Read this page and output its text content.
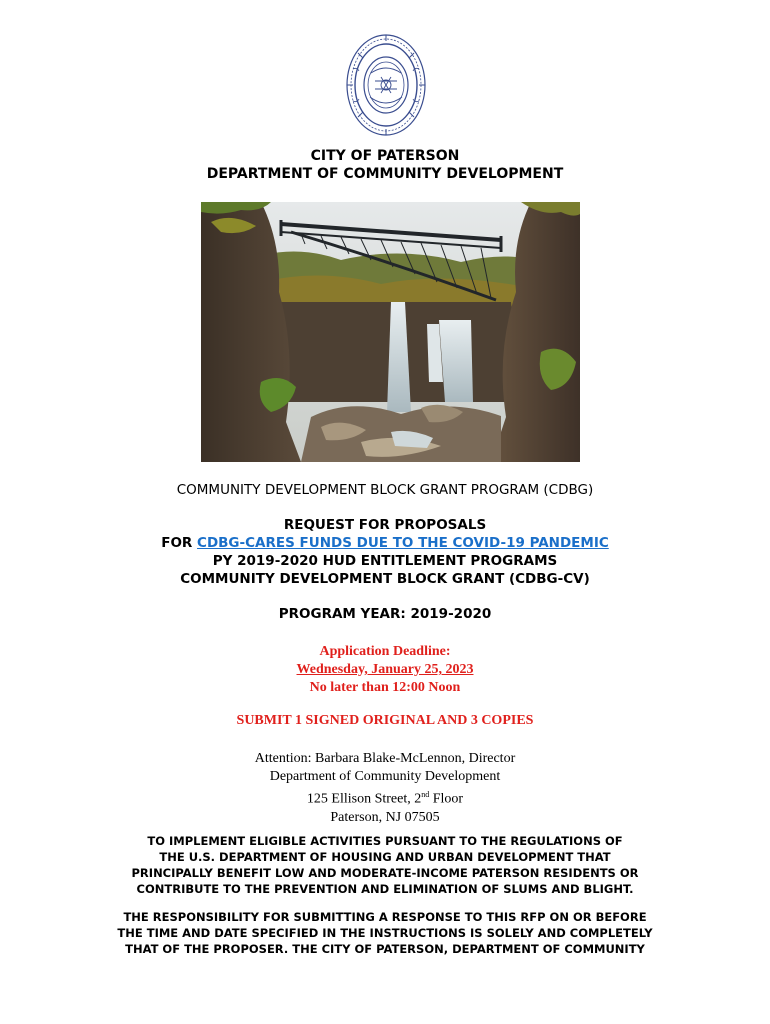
CITY OF PATERSON
DEPARTMENT OF COMMUNITY DEVELOPMENT
COMMUNITY DEVELOPMENT BLOCK GRANT PROGRAM (CDBG)
REQUEST FOR PROPOSALS
FOR CDBG-CARES FUNDS DUE TO THE COVID-19 PANDEMIC
PY 2019-2020 HUD ENTITLEMENT PROGRAMS
COMMUNITY DEVELOPMENT BLOCK GRANT (CDBG-CV)
PROGRAM YEAR: 2019-2020
Application Deadline:
Wednesday, January 25, 2023
No later than 12:00 Noon
SUBMIT 1 SIGNED ORIGINAL AND 3 COPIES
Attention: Barbara Blake-McLennon, Director
Department of Community Development
125 Ellison Street, 2nd Floor
Paterson, NJ 07505
TO IMPLEMENT ELIGIBLE ACTIVITIES PURSUANT TO THE REGULATIONS OF
THE U.S. DEPARTMENT OF HOUSING AND URBAN DEVELOPMENT THAT
PRINCIPALLY BENEFIT LOW AND MODERATE-INCOME PATERSON RESIDENTS OR
CONTRIBUTE TO THE PREVENTION AND ELIMINATION OF SLUMS AND BLIGHT.
THE RESPONSIBILITY FOR SUBMITTING A RESPONSE TO THIS RFP ON OR BEFORE
THE TIME AND DATE SPECIFIED IN THE INSTRUCTIONS IS SOLELY AND COMPLETELY
THAT OF THE PROPOSER. THE CITY OF PATERSON, DEPARTMENT OF COMMUNITY
